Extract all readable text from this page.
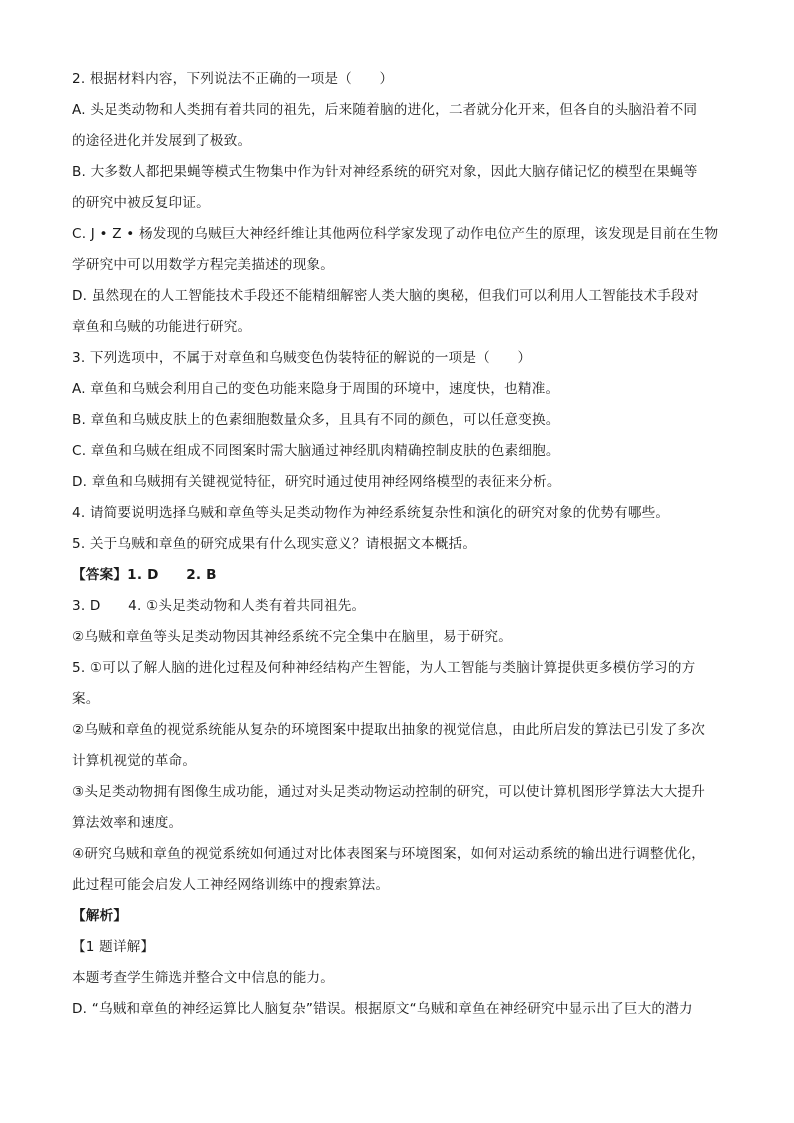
2. 根据材料内容，下列说法不正确的一项是（　　）
A. 头足类动物和人类拥有着共同的祖先，后来随着脑的进化，二者就分化开来，但各自的头脑沿着不同
的途径进化并发展到了极致。
B. 大多数人都把果蝇等模式生物集中作为针对神经系统的研究对象，因此大脑存储记忆的模型在果蝇等
的研究中被反复印证。
C. J • Z • 杨发现的乌贼巨大神经纤维让其他两位科学家发现了动作电位产生的原理，该发现是目前在生物
学研究中可以用数学方程完美描述的现象。
D. 虽然现在的人工智能技术手段还不能精细解密人类大脑的奥秘，但我们可以利用人工智能技术手段对
章鱼和乌贼的功能进行研究。
3. 下列选项中，不属于对章鱼和乌贼变色伪装特征的解说的一项是（　　）
A. 章鱼和乌贼会利用自己的变色功能来隐身于周围的环境中，速度快，也精准。
B. 章鱼和乌贼皮肤上的色素细胞数量众多，且具有不同的颜色，可以任意变换。
C. 章鱼和乌贼在组成不同图案时需大脑通过神经肌肉精确控制皮肤的色素细胞。
D. 章鱼和乌贼拥有关键视觉特征，研究时通过使用神经网络模型的表征来分析。
4. 请简要说明选择乌贼和章鱼等头足类动物作为神经系统复杂性和演化的研究对象的优势有哪些。
5. 关于乌贼和章鱼的研究成果有什么现实意义？请根据文本概括。
【答案】1. D　　2. B
3. D　　4. ①头足类动物和人类有着共同祖先。
②乌贼和章鱼等头足类动物因其神经系统不完全集中在脑里，易于研究。
5. ①可以了解人脑的进化过程及何种神经结构产生智能，为人工智能与类脑计算提供更多模仿学习的方
案。
②乌贼和章鱼的视觉系统能从复杂的环境图案中提取出抽象的视觉信息，由此所启发的算法已引发了多次
计算机视觉的革命。
③头足类动物拥有图像生成功能，通过对头足类动物运动控制的研究，可以使计算机图形学算法大大提升
算法效率和速度。
④研究乌贼和章鱼的视觉系统如何通过对比体表图案与环境图案，如何对运动系统的输出进行调整优化，
此过程可能会启发人工神经网络训练中的搜索算法。
【解析】
【1 题详解】
本题考查学生筛选并整合文中信息的能力。
D. “乌贼和章鱼的神经运算比人脑复杂”错误。根据原文“乌贼和章鱼在神经研究中显示出了巨大的潜力
